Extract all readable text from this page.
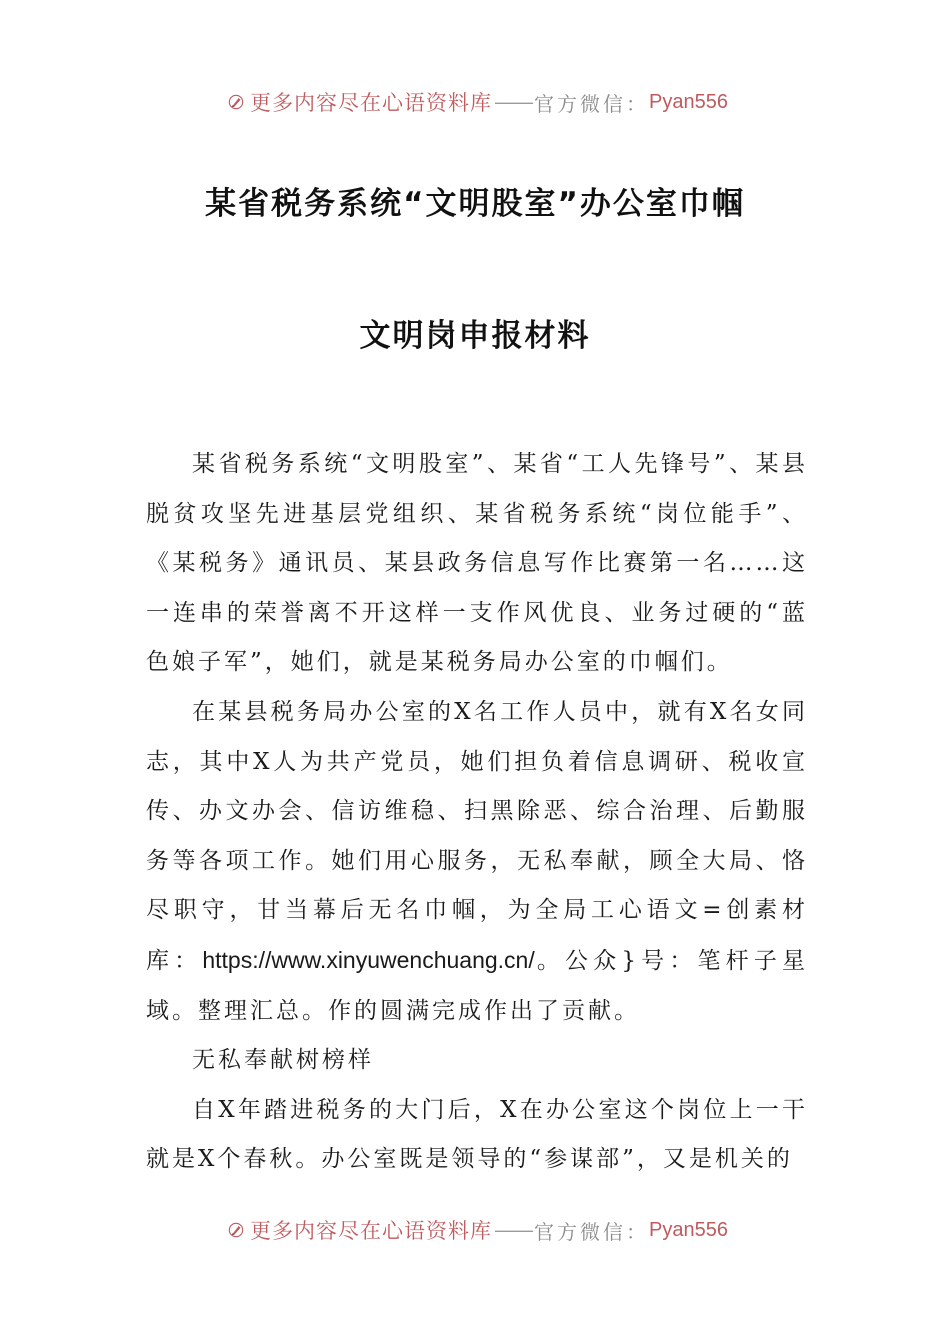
更多内容尽在心语资料库 —— 官方微信： Pyan556
某省税务系统“文明股室”办公室巾帼
文明岗申报材料

某省税务系统“文明股室”、某省“工人先锋号”、某县脱贫攻坚先进基层党组织、某省税务系统“岗位能手”、《某税务》通讯员、某县政务信息写作比赛第一名……这一连串的荣誉离不开这样一支作风优良、业务过硬的“蓝色娘子军”，她们，就是某税务局办公室的巾帼们。

在某县税务局办公室的X名工作人员中，就有X名女同志，其中X人为共产党员，她们担负着信息调研、税收宣传、办文办会、信访维稳、扫黑除恶、综合治理、后勤服务等各项工作。她们用心服务，无私奉献，顾全大局、恪尽职守，甘当幕后无名巾帼，为全局工心语文=创素材库：https://www.xinyuwenchuang.cn/。公众}号：笔杆子星域。整理汇总。作的圆满完成作出了贡献。

无私奉献树榜样

自X年踏进税务的大门后，X在办公室这个岗位上一干就是X个春秋。办公室既是领导的“参谋部”，又是机关的

更多内容尽在心语资料库 —— 官方微信： Pyan556
